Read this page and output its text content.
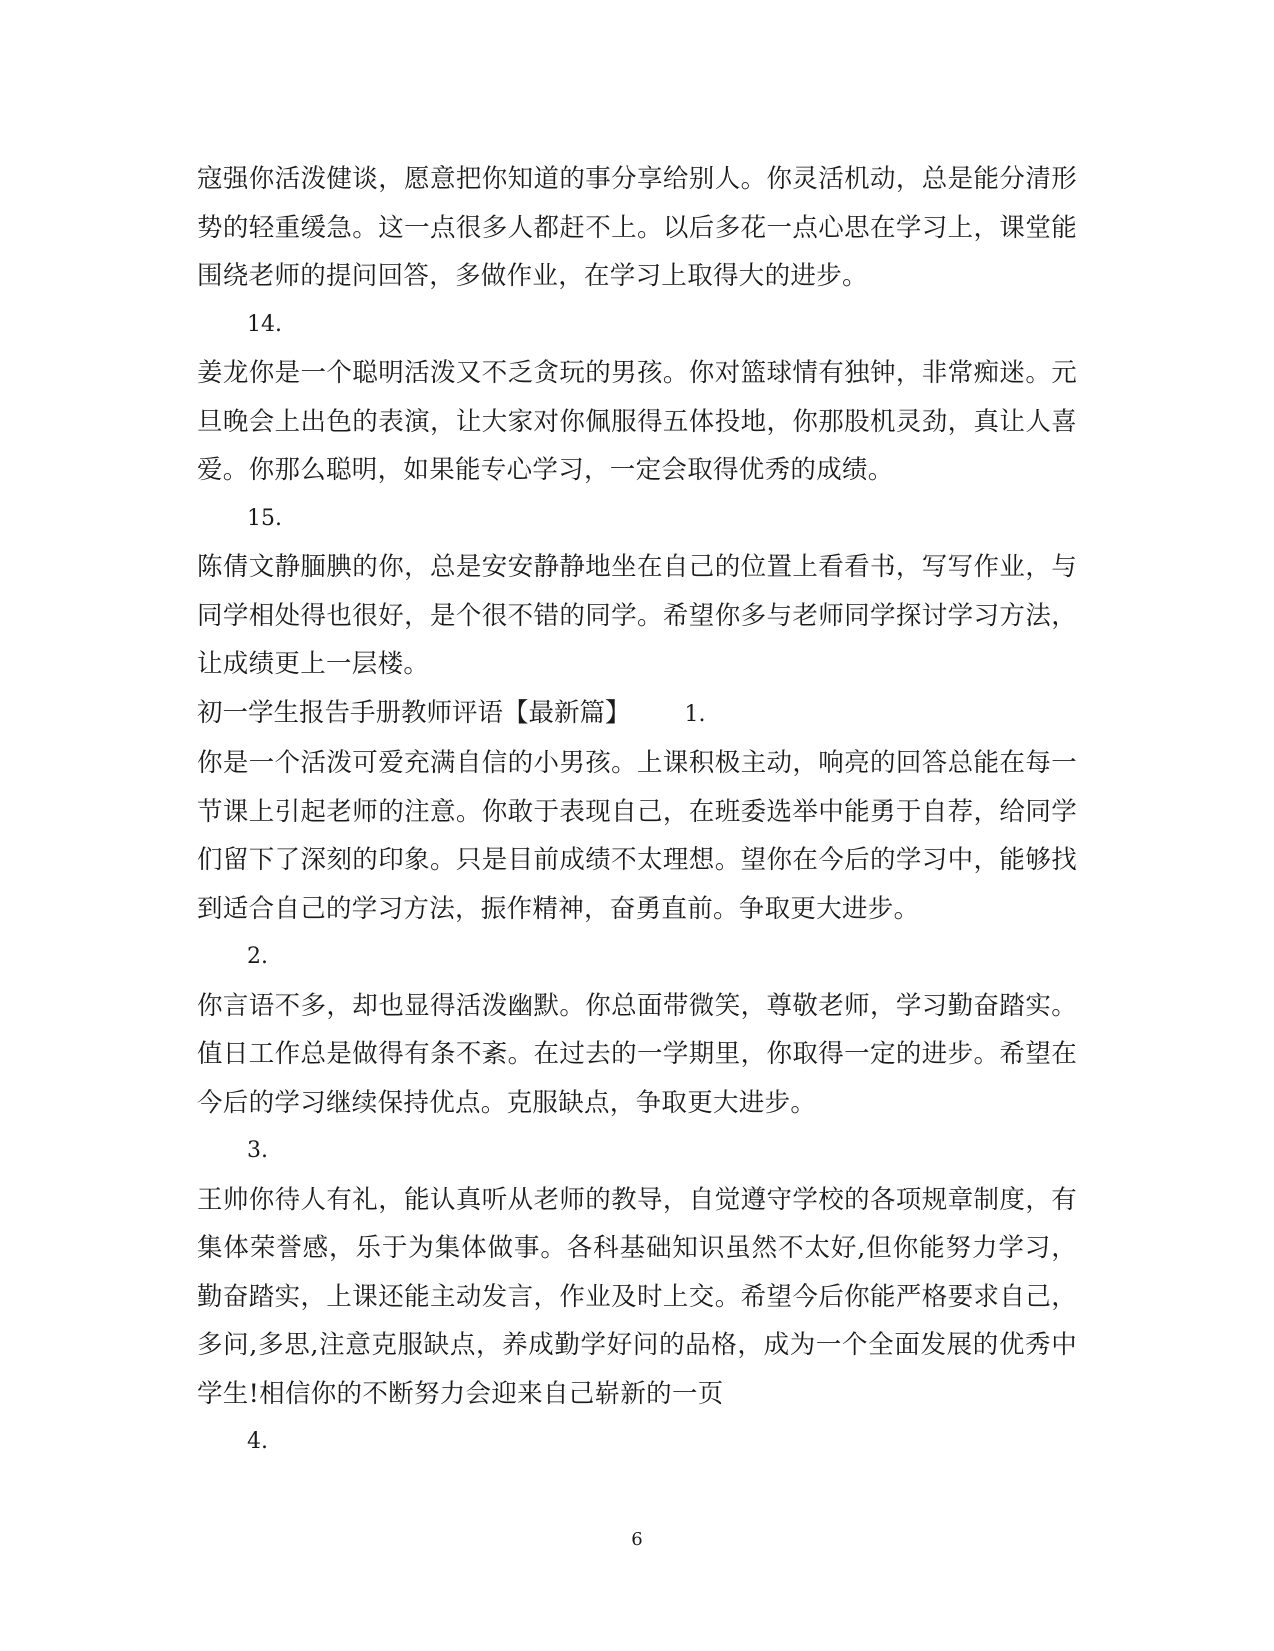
寇强你活泼健谈，愿意把你知道的事分享给别人。你灵活机动，总是能分清形势的轻重缓急。这一点很多人都赶不上。以后多花一点心思在学习上，课堂能围绕老师的提问回答，多做作业，在学习上取得大的进步。

14.

姜龙你是一个聪明活泼又不乏贪玩的男孩。你对篮球情有独钟，非常痴迷。元旦晚会上出色的表演，让大家对你佩服得五体投地，你那股机灵劲，真让人喜爱。你那么聪明，如果能专心学习，一定会取得优秀的成绩。

15.

陈倩文静腼腆的你，总是安安静静地坐在自己的位置上看看书，写写作业，与同学相处得也很好，是个很不错的同学。希望你多与老师同学探讨学习方法，让成绩更上一层楼。

初一学生报告手册教师评语【最新篇】 1.

你是一个活泼可爱充满自信的小男孩。上课积极主动，响亮的回答总能在每一节课上引起老师的注意。你敢于表现自己，在班委选举中能勇于自荐，给同学们留下了深刻的印象。只是目前成绩不太理想。望你在今后的学习中，能够找到适合自己的学习方法，振作精神，奋勇直前。争取更大进步。

2.

你言语不多，却也显得活泼幽默。你总面带微笑，尊敬老师，学习勤奋踏实。值日工作总是做得有条不紊。在过去的一学期里，你取得一定的进步。希望在今后的学习继续保持优点。克服缺点，争取更大进步。

3.

王帅你待人有礼，能认真听从老师的教导，自觉遵守学校的各项规章制度，有集体荣誉感，乐于为集体做事。各科基础知识虽然不太好,但你能努力学习，勤奋踏实，上课还能主动发言，作业及时上交。希望今后你能严格要求自己，多问,多思,注意克服缺点，养成勤学好问的品格，成为一个全面发展的优秀中学生!相信你的不断努力会迎来自己崭新的一页

4.

6
